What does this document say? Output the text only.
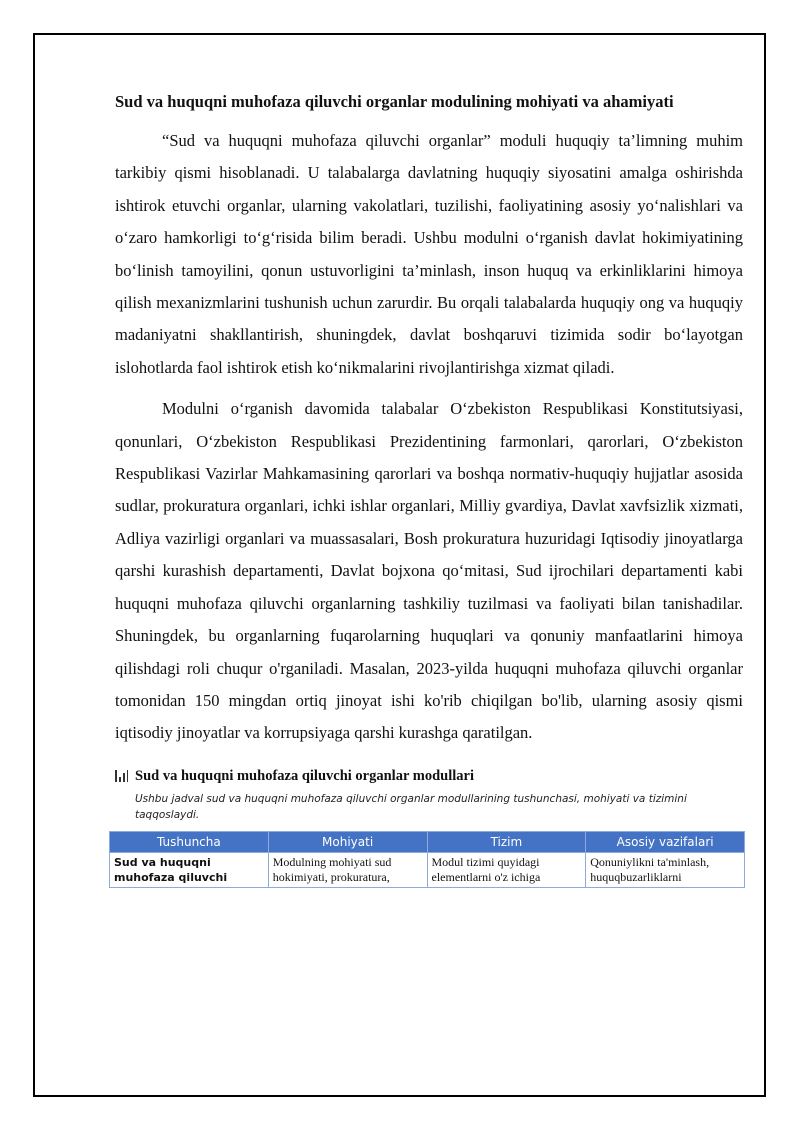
Sud va huquqni muhofaza qiluvchi organlar modulining mohiyati va ahamiyati

“Sud va huquqni muhofaza qiluvchi organlar” moduli huquqiy ta’limning muhim tarkibiy qismi hisoblanadi. U talabalarga davlatning huquqiy siyosatini amalga oshirishda ishtirok etuvchi organlar, ularning vakolatlari, tuzilishi, faoliyatining asosiy yo‘nalishlari va o‘zaro hamkorligi to‘g‘risida bilim beradi. Ushbu modulni o‘rganish davlat hokimiyatining bo‘linish tamoyilini, qonun ustuvorligini ta’minlash, inson huquq va erkinliklarini himoya qilish mexanizmlarini tushunish uchun zarurdir. Bu orqali talabalarda huquqiy ong va huquqiy madaniyatni shakllantirish, shuningdek, davlat boshqaruvi tizimida sodir bo‘layotgan islohotlarda faol ishtirok etish ko‘nikmalarini rivojlantirishga xizmat qiladi.

Modulni o‘rganish davomida talabalar O‘zbekiston Respublikasi Konstitutsiyasi, qonunlari, O‘zbekiston Respublikasi Prezidentining farmonlari, qarorlari, O‘zbekiston Respublikasi Vazirlar Mahkamasining qarorlari va boshqa normativ-huquqiy hujjatlar asosida sudlar, prokuratura organlari, ichki ishlar organlari, Milliy gvardiya, Davlat xavfsizlik xizmati, Adliya vazirligi organlari va muassasalari, Bosh prokuratura huzuridagi Iqtisodiy jinoyatlarga qarshi kurashish departamenti, Davlat bojxona qo‘mitasi, Sud ijrochilari departamenti kabi huquqni muhofaza qiluvchi organlarning tashkiliy tuzilmasi va faoliyati bilan tanishadilar. Shuningdek, bu organlarning fuqarolarning huquqlari va qonuniy manfaatlarini himoya qilishdagi roli chuqur o'rganiladi. Masalan, 2023-yilda huquqni muhofaza qiluvchi organlar tomonidan 150 mingdan ortiq jinoyat ishi ko'rib chiqilgan bo'lib, ularning asosiy qismi iqtisodiy jinoyatlar va korrupsiyaga qarshi kurashga qaratilgan.

Sud va huquqni muhofaza qiluvchi organlar modullari
Ushbu jadval sud va huquqni muhofaza qiluvchi organlar modullarining tushunchasi, mohiyati va tizimini taqqoslaydi.
Tushuncha	Mohiyati	Tizim	Asosiy vazifalari
Sud va huquqni muhofaza qiluvchi	Modulning mohiyati sud hokimiyati, prokuratura,	Modul tizimi quyidagi elementlarni o'z ichiga	Qonuniylikni ta'minlash, huquqbuzarliklarni
